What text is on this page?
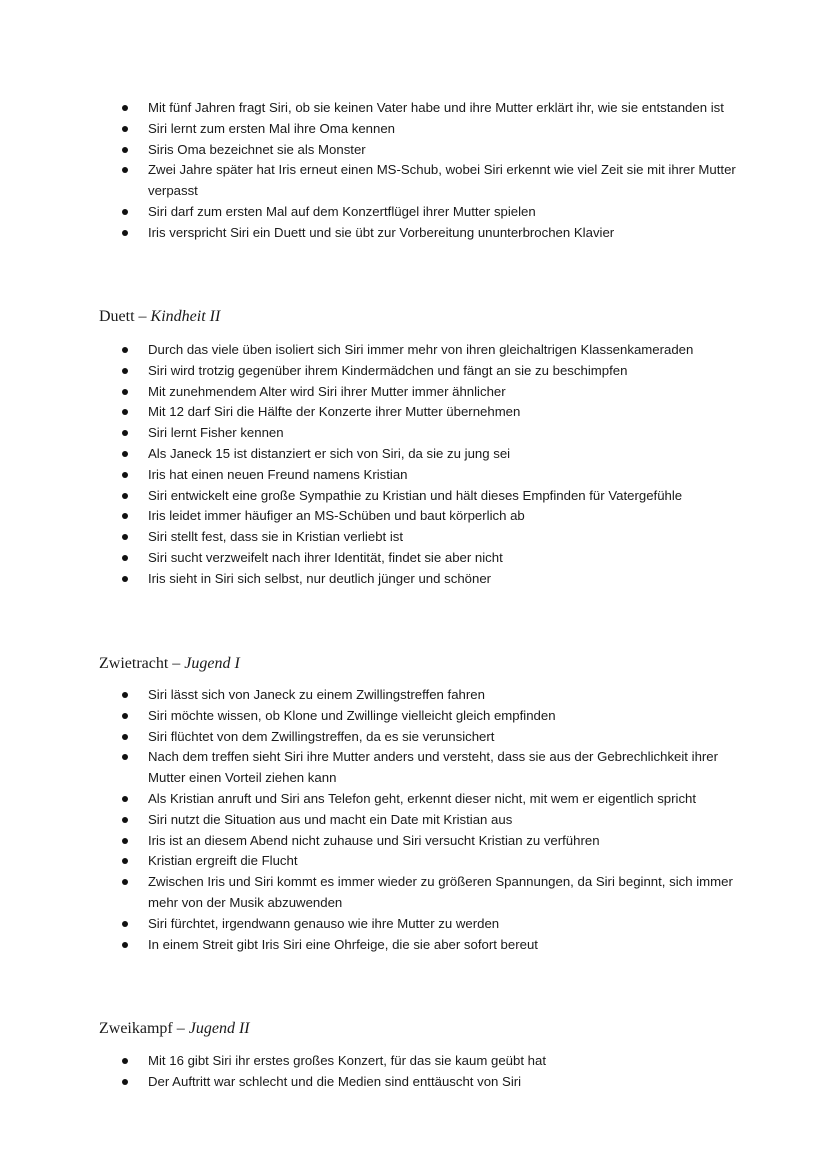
Mit fünf Jahren fragt Siri, ob sie keinen Vater habe und ihre Mutter erklärt ihr, wie sie entstanden ist
Siri lernt zum ersten Mal ihre Oma kennen
Siris Oma bezeichnet sie als Monster
Zwei Jahre später hat Iris erneut einen MS-Schub, wobei Siri erkennt wie viel Zeit sie mit ihrer Mutter verpasst
Siri darf zum ersten Mal auf dem Konzertflügel ihrer Mutter spielen
Iris verspricht Siri ein Duett und sie übt zur Vorbereitung ununterbrochen Klavier
Duett – Kindheit II
Durch das viele üben isoliert sich Siri immer mehr von ihren gleichaltrigen Klassenkameraden
Siri wird trotzig gegenüber ihrem Kindermädchen und fängt an sie zu beschimpfen
Mit zunehmendem Alter wird Siri ihrer Mutter immer ähnlicher
Mit 12 darf Siri die Hälfte der Konzerte ihrer Mutter übernehmen
Siri lernt Fisher kennen
Als Janeck 15 ist distanziert er sich von Siri, da sie zu jung sei
Iris hat einen neuen Freund namens Kristian
Siri entwickelt eine große Sympathie zu Kristian und hält dieses Empfinden für Vatergefühle
Iris leidet immer häufiger an MS-Schüben und baut körperlich ab
Siri stellt fest, dass sie in Kristian verliebt ist
Siri sucht verzweifelt nach ihrer Identität, findet sie aber nicht
Iris sieht in Siri sich selbst, nur deutlich jünger und schöner
Zwietracht – Jugend I
Siri lässt sich von Janeck zu einem Zwillingstreffen fahren
Siri möchte wissen, ob Klone und Zwillinge vielleicht gleich empfinden
Siri flüchtet von dem Zwillingstreffen, da es sie verunsichert
Nach dem treffen sieht Siri ihre Mutter anders und versteht, dass sie aus der Gebrechlichkeit ihrer Mutter einen Vorteil ziehen kann
Als Kristian anruft und Siri ans Telefon geht, erkennt dieser nicht, mit wem er eigentlich spricht
Siri nutzt die Situation aus und macht ein Date mit Kristian aus
Iris ist an diesem Abend nicht zuhause und Siri versucht Kristian zu verführen
Kristian ergreift die Flucht
Zwischen Iris und Siri kommt es immer wieder zu größeren Spannungen, da Siri beginnt, sich immer mehr von der Musik abzuwenden
Siri fürchtet, irgendwann genauso wie ihre Mutter zu werden
In einem Streit gibt Iris Siri eine Ohrfeige, die sie aber sofort bereut
Zweikampf – Jugend II
Mit 16 gibt Siri ihr erstes großes Konzert, für das sie kaum geübt hat
Der Auftritt war schlecht und die Medien sind enttäuscht von Siri
